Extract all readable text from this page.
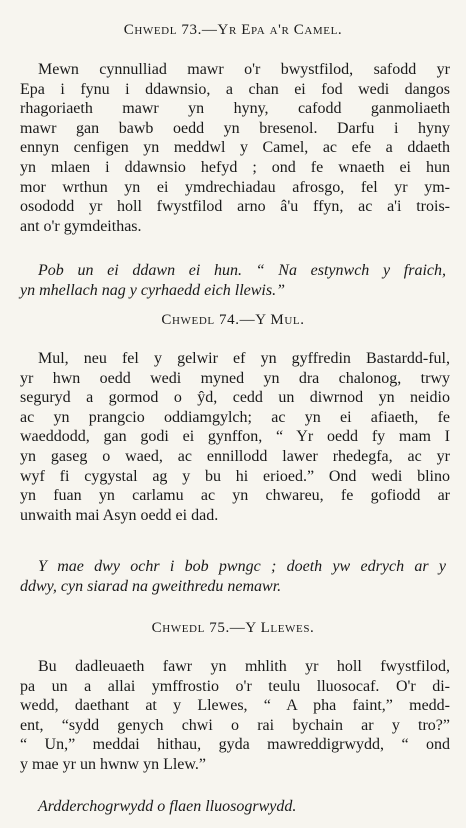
Chwedl 73.—Yr Epa a'r Camel.

Mewn cynnulliad mawr o'r bwystfilod, safodd yr
Epa i fynu i ddawnsio, a chan ei fod wedi dangos
rhagoriaeth mawr yn hyny, cafodd ganmoliaeth
mawr gan bawb oedd yn bresenol. Darfu i hyny
ennyn cenfigen yn meddwl y Camel, ac efe a ddaeth
yn mlaen i ddawnsio hefyd ; ond fe wnaeth ei hun
mor wrthun yn ei ymdrechiadau afrosgo, fel yr ym-
osododd yr holl fwystfilod arno â'u ffyn, ac a'i trois-
ant o'r gymdeithas.

Pob un ei ddawn ei hun. “ Na estynwch y fraich,
yn mhellach nag y cyrhaedd eich llewis.”

Chwedl 74.—Y Mul.

Mul, neu fel y gelwir ef yn gyffredin Bastardd-ful,
yr hwn oedd wedi myned yn dra chalonog, trwy
seguryd a gormod o ŷd, cedd un diwrnod yn neidio
ac yn prangcio oddiamgylch; ac yn ei afiaeth, fe
waeddodd, gan godi ei gynffon, “ Yr oedd fy mam I
yn gaseg o waed, ac ennillodd lawer rhedegfa, ac yr
wyf fi cygystal ag y bu hi erioed.” Ond wedi blino
yn fuan yn carlamu ac yn chwareu, fe gofiodd ar
unwaith mai Asyn oedd ei dad.

Y mae dwy ochr i bob pwngc ; doeth yw edrych ar y
ddwy, cyn siarad na gweithredu nemawr.

Chwedl 75.—Y Llewes.

Bu dadleuaeth fawr yn mhlith yr holl fwystfilod,
pa un a allai ymffrostio o'r teulu lluosocaf. O'r di-
wedd, daethant at y Llewes, “ A pha faint,” medd-
ent, “sydd genych chwi o rai bychain ar y tro?”
“ Un,” meddai hithau, gyda mawreddigrwydd, “ ond
y mae yr un hwnw yn Llew.”

Ardderchogrwydd o flaen lluosogrwydd.
